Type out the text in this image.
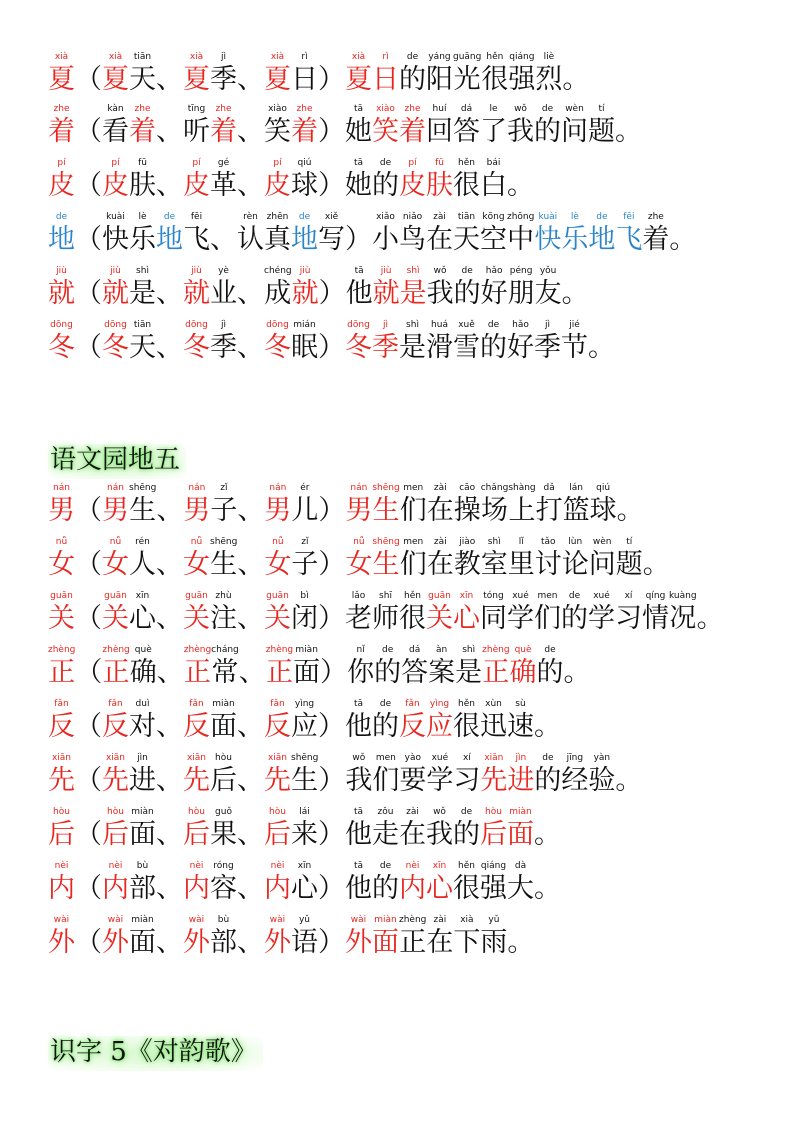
夏xià
（ 夏xià
天tiān
、 夏xià
季jì
、 夏xià
日rì
） 夏xià
日rì
的de
阳yáng
光guāng
很hěn
强qiáng
烈liè
。
着zhe
（ 看kàn
着zhe
、 听tīng
着zhe
、 笑xiào
着zhe
） 她tā
笑xiào
着zhe
回huí
答dá
了le
我wǒ
的de
问wèn
题tí
。
皮pí
（ 皮pí
肤fū
、 皮pí
革gé
、 皮pí
球qiú
） 她tā
的de
皮pí
肤fū
很hěn
白bái
。
地de
（ 快kuài
乐lè
地de
飞fēi
、 认rèn
真zhēn
地de
写xiě
） 小xiǎo
鸟niǎo
在zài
天tiān
空kōng
中zhōng
快kuài
乐lè
地de
飞fēi
着zhe
。
就jiù
（ 就jiù
是shì
、 就jiù
业yè
、 成chéng
就jiù
） 他tā
就jiù
是shì
我wǒ
的de
好hǎo
朋péng
友yǒu
。
冬dōng
（ 冬dōng
天tiān
、 冬dōng
季jì
、 冬dōng
眠mián
） 冬dōng
季jì
是shì
滑huá
雪xuě
的de
好hǎo
季jì
节jié
。
语文园地五
男nán
（ 男nán
生shēng
、 男nán
子zǐ
、 男nán
儿ér
） 男nán
生shēng
们men
在zài
操cāo
场chǎng
上shàng
打dǎ
篮lán
球qiú
。
女nǚ
（ 女nǚ
人rén
、 女nǚ
生shēng
、 女nǚ
子zǐ
） 女nǚ
生shēng
们men
在zài
教jiào
室shì
里lǐ
讨tǎo
论lùn
问wèn
题tí
。
关guān
（ 关guān
心xīn
、 关guān
注zhù
、 关guān
闭bì
） 老lǎo
师shī
很hěn
关guān
心xīn
同tóng
学xué
们men
的de
学xué
习xí
情qíng
况kuàng
。
正zhèng
（ 正zhèng
确què
、 正zhèng
常cháng
、 正zhèng
面miàn
） 你nǐ
的de
答dá
案àn
是shì
正zhèng
确què
的de
。
反fǎn
（ 反fǎn
对duì
、 反fǎn
面miàn
、 反fǎn
应yìng
） 他tā
的de
反fǎn
应yìng
很hěn
迅xùn
速sù
。
先xiān
（ 先xiān
进jìn
、 先xiān
后hòu
、 先xiān
生shēng
） 我wǒ
们men
要yào
学xué
习xí
先xiān
进jìn
的de
经jīng
验yàn
。
后hòu
（ 后hòu
面miàn
、 后hòu
果guǒ
、 后hòu
来lái
） 他tā
走zǒu
在zài
我wǒ
的de
后hòu
面miàn
。
内nèi
（ 内nèi
部bù
、 内nèi
容róng
、 内nèi
心xīn
） 他tā
的de
内nèi
心xīn
很hěn
强qiáng
大dà
。
外wài
（ 外wài
面miàn
、 外wài
部bù
、 外wài
语yǔ
） 外wài
面miàn
正zhèng
在zài
下xià
雨yǔ
。
识字 5《对韵歌》
